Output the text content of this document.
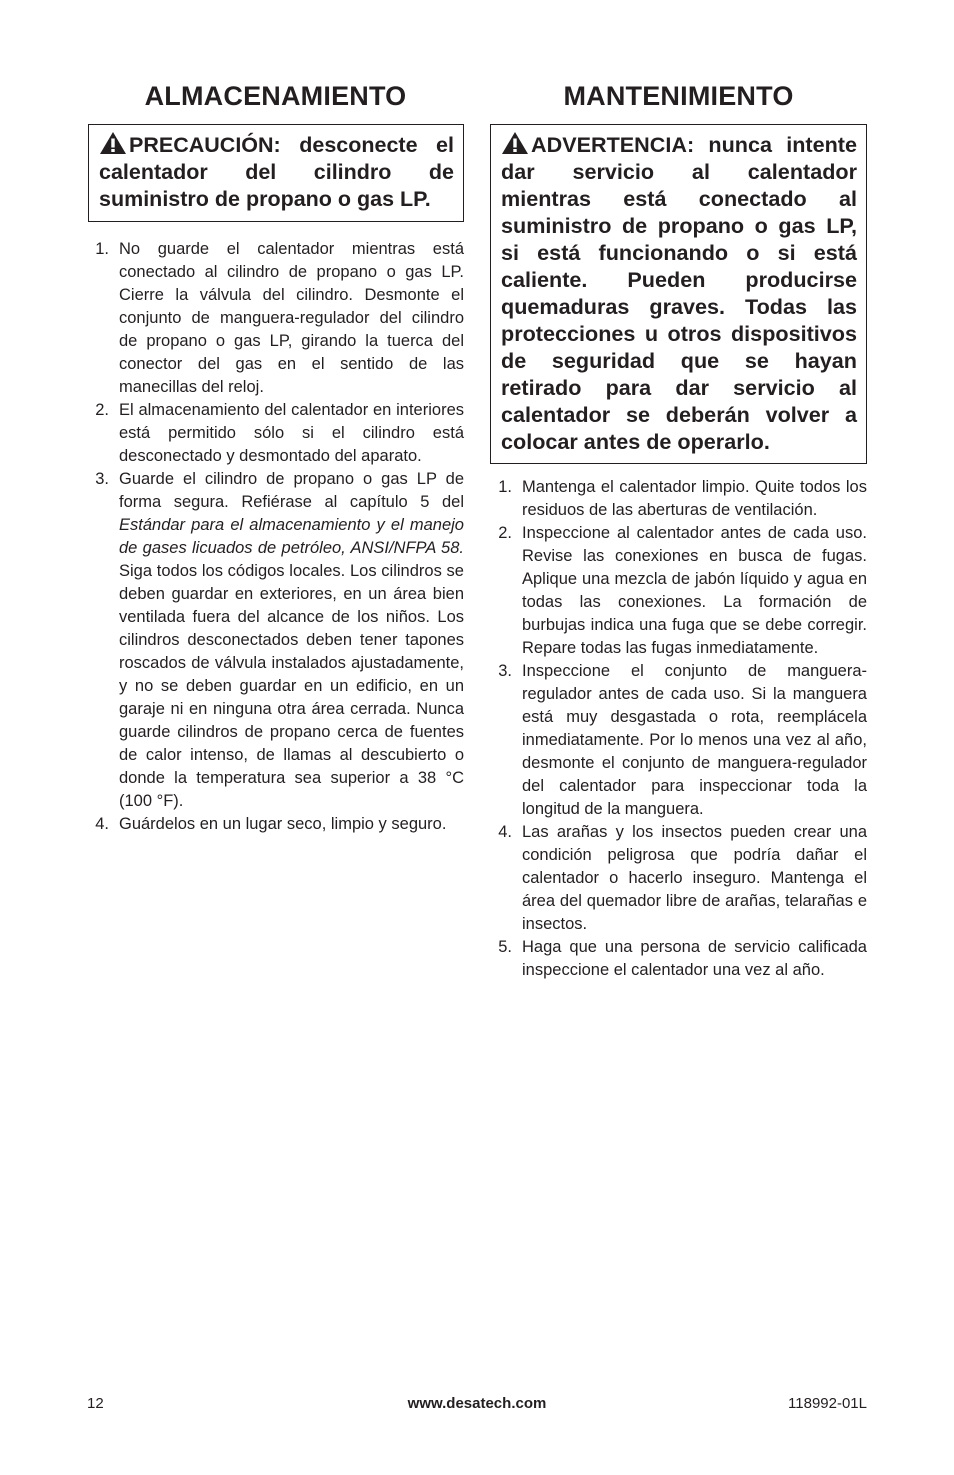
ALMACENAMIENTO
PRECAUCIÓN: desconecte el calentador del cilindro de suministro de propano o gas LP.
1. No guarde el calentador mientras está conectado al cilindro de propano o gas LP. Cierre la válvula del cilindro. Desmonte el conjunto de manguera-regulador del cilindro de propano o gas LP, girando la tuerca del conector del gas en el sentido de las manecillas del reloj.
2. El almacenamiento del calentador en interiores está permitido sólo si el cilindro está desconectado y desmontado del aparato.
3. Guarde el cilindro de propano o gas LP de forma segura. Refiérase al capítulo 5 del Estándar para el almacenamiento y el manejo de gases licuados de petróleo, ANSI/NFPA 58. Siga todos los códigos locales. Los cilindros se deben guardar en exteriores, en un área bien ventilada fuera del alcance de los niños. Los cilindros desconectados deben tener tapones roscados de válvula instalados ajustadamente, y no se deben guardar en un edificio, en un garaje ni en ninguna otra área cerrada. Nunca guarde cilindros de propano cerca de fuentes de calor intenso, de llamas al descubierto o donde la temperatura sea superior a 38 °C (100 °F).
4. Guárdelos en un lugar seco, limpio y seguro.
MANTENIMIENTO
ADVERTENCIA: nunca intente dar servicio al calentador mientras está conectado al suministro de propano o gas LP, si está funcionando o si está caliente. Pueden producirse quemaduras graves. Todas las protecciones u otros dispositivos de seguridad que se hayan retirado para dar servicio al calentador se deberán volver a colocar antes de operarlo.
1. Mantenga el calentador limpio. Quite todos los residuos de las aberturas de ventilación.
2. Inspeccione al calentador antes de cada uso. Revise las conexiones en busca de fugas. Aplique una mezcla de jabón líquido y agua en todas las conexiones. La formación de burbujas indica una fuga que se debe corregir. Repare todas las fugas inmediatamente.
3. Inspeccione el conjunto de manguera-regulador antes de cada uso. Si la manguera está muy desgastada o rota, reemplácela inmediatamente. Por lo menos una vez al año, desmonte el conjunto de manguera-regulador del calentador para inspeccionar toda la longitud de la manguera.
4. Las arañas y los insectos pueden crear una condición peligrosa que podría dañar el calentador o hacerlo inseguro. Mantenga el área del quemador libre de arañas, telarañas e insectos.
5. Haga que una persona de servicio calificada inspeccione el calentador una vez al año.
www.desatech.com
12	118992-01L
